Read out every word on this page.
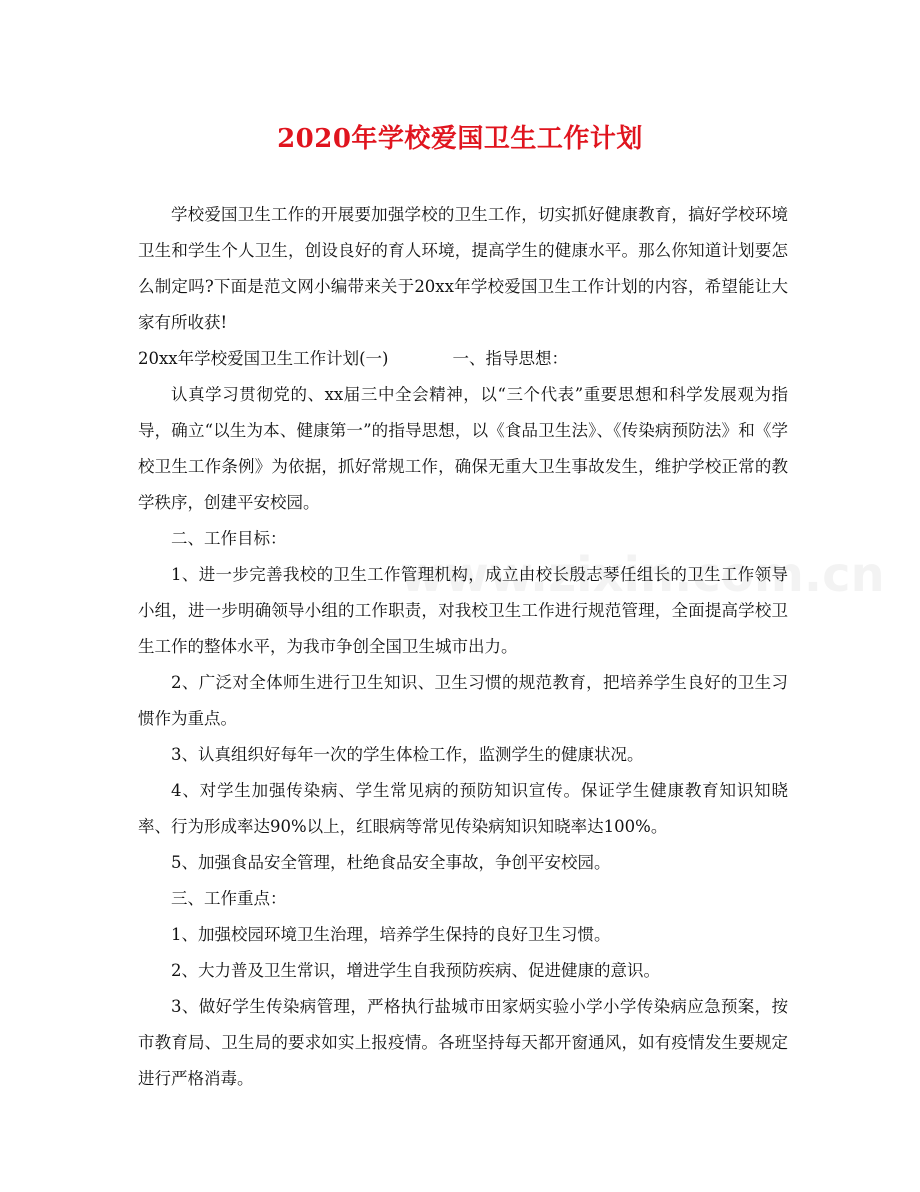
2020年学校爱国卫生工作计划

学校爱国卫生工作的开展要加强学校的卫生工作，切实抓好健康教育，搞好学校环境卫生和学生个人卫生，创设良好的育人环境，提高学生的健康水平。那么你知道计划要怎么制定吗?下面是范文网小编带来关于20xx年学校爱国卫生工作计划的内容，希望能让大家有所收获!

20xx年学校爱国卫生工作计划(一)	一、指导思想：

认真学习贯彻党的、xx届三中全会精神，以“三个代表”重要思想和科学发展观为指导，确立“以生为本、健康第一”的指导思想，以《食品卫生法》、《传染病预防法》和《学校卫生工作条例》为依据，抓好常规工作，确保无重大卫生事故发生，维护学校正常的教学秩序，创建平安校园。

二、工作目标：

1、进一步完善我校的卫生工作管理机构，成立由校长殷志琴任组长的卫生工作领导小组，进一步明确领导小组的工作职责，对我校卫生工作进行规范管理，全面提高学校卫生工作的整体水平，为我市争创全国卫生城市出力。

2、广泛对全体师生进行卫生知识、卫生习惯的规范教育，把培养学生良好的卫生习惯作为重点。

3、认真组织好每年一次的学生体检工作，监测学生的健康状况。

4、对学生加强传染病、学生常见病的预防知识宣传。保证学生健康教育知识知晓率、行为形成率达90%以上，红眼病等常见传染病知识知晓率达100%。

5、加强食品安全管理，杜绝食品安全事故，争创平安校园。

三、工作重点：

1、加强校园环境卫生治理，培养学生保持的良好卫生习惯。

2、大力普及卫生常识，增进学生自我预防疾病、促进健康的意识。

3、做好学生传染病管理，严格执行盐城市田家炳实验小学小学传染病应急预案，按市教育局、卫生局的要求如实上报疫情。各班坚持每天都开窗通风，如有疫情发生要规定进行严格消毒。
